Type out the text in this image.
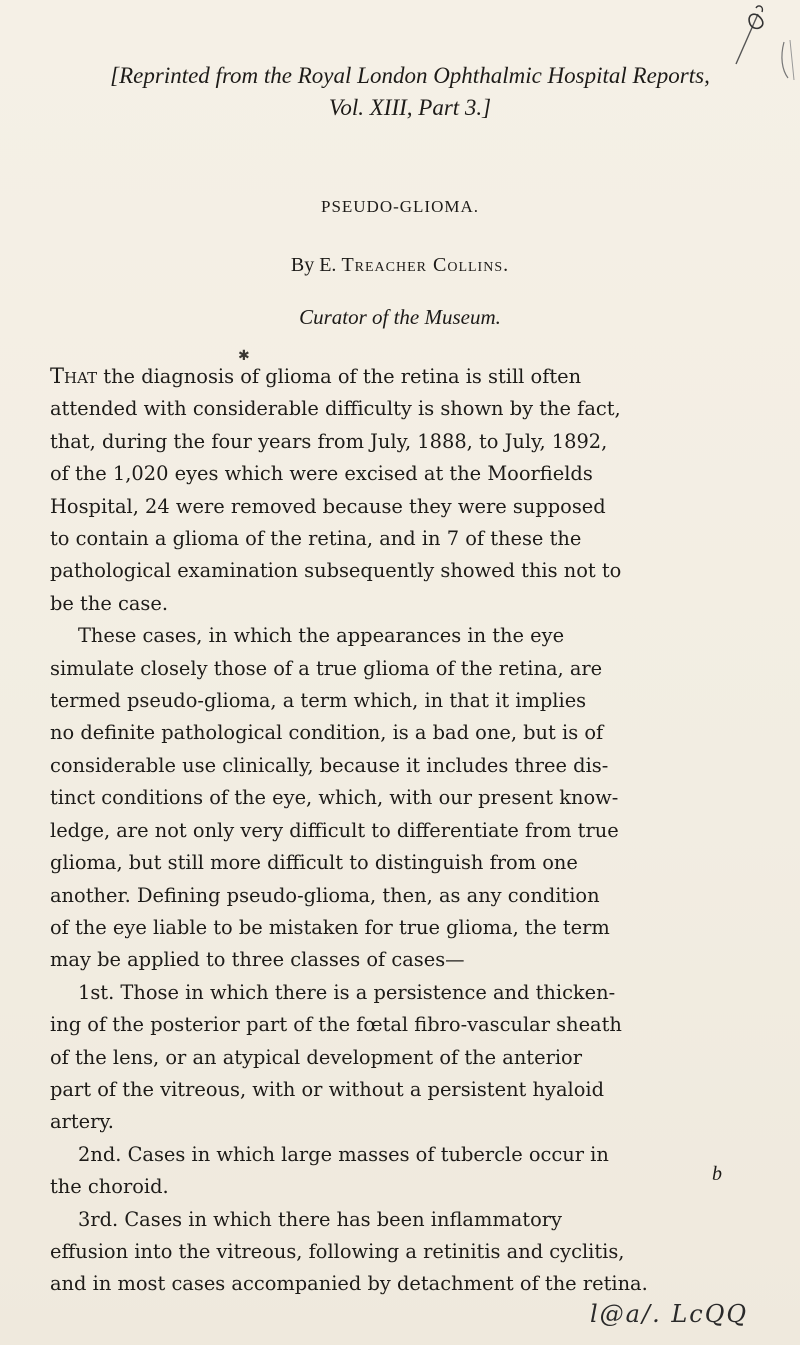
[Reprinted from the Royal London Ophthalmic Hospital Reports,
Vol. XIII, Part 3.]
PSEUDO-GLIOMA.
By E. Treacher Collins.
Curator of the Museum.
✱
That the diagnosis of glioma of the retina is still often
attended with considerable difficulty is shown by the fact,
that, during the four years from July, 1888, to July, 1892,
of the 1,020 eyes which were excised at the Moorfields
Hospital, 24 were removed because they were supposed
to contain a glioma of the retina, and in 7 of these the
pathological examination subsequently showed this not to
be the case.
These cases, in which the appearances in the eye
simulate closely those of a true glioma of the retina, are
termed pseudo-glioma, a term which, in that it implies
no definite pathological condition, is a bad one, but is of
considerable use clinically, because it includes three dis-
tinct conditions of the eye, which, with our present know-
ledge, are not only very difficult to differentiate from true
glioma, but still more difficult to distinguish from one
another. Defining pseudo-glioma, then, as any condition
of the eye liable to be mistaken for true glioma, the term
may be applied to three classes of cases—
1st. Those in which there is a persistence and thicken-
ing of the posterior part of the fœtal fibro-vascular sheath
of the lens, or an atypical development of the anterior
part of the vitreous, with or without a persistent hyaloid
artery.
2nd. Cases in which large masses of tubercle occur in
the choroid.
3rd. Cases in which there has been inflammatory
effusion into the vitreous, following a retinitis and cyclitis,
and in most cases accompanied by detachment of the retina.
b
l@a/. LcQQ
